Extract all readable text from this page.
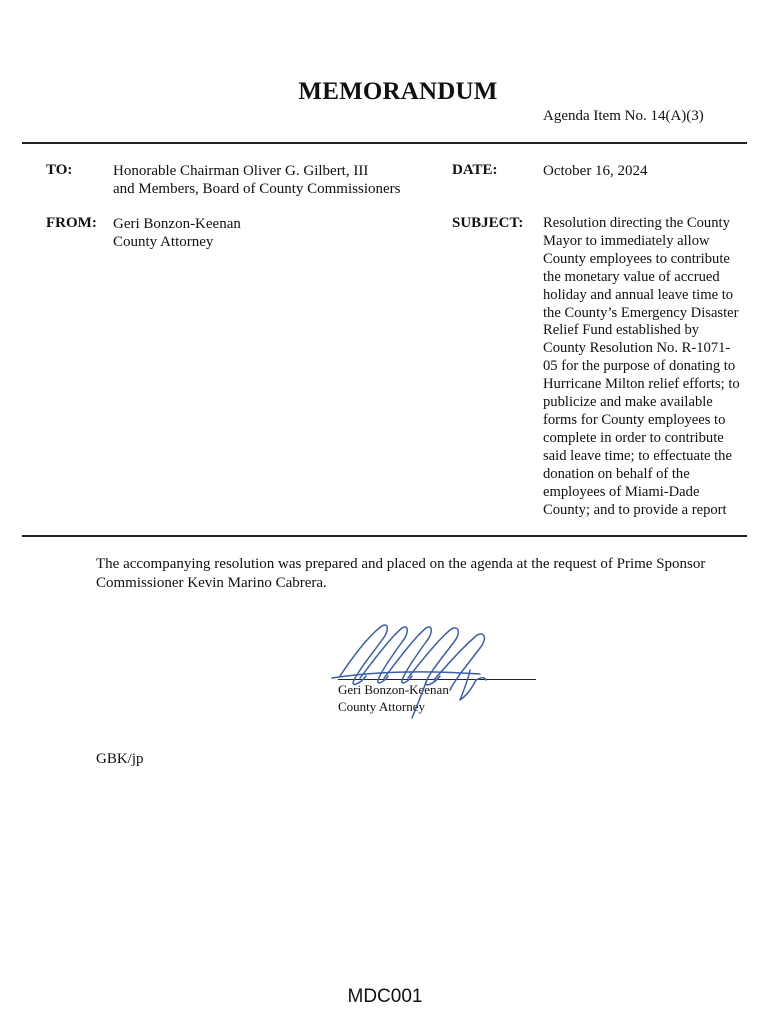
MEMORANDUM
Agenda Item No. 14(A)(3)
TO:	Honorable Chairman Oliver G. Gilbert, III
and Members, Board of County Commissioners
DATE:	October 16, 2024
FROM: Geri Bonzon-Keenan
County Attorney
SUBJECT: Resolution directing the County
Mayor to immediately allow
County employees to contribute
the monetary value of accrued
holiday and annual leave time to
the County’s Emergency Disaster
Relief Fund established by
County Resolution No. R-1071-
05 for the purpose of donating to
Hurricane Milton relief efforts; to
publicize and make available
forms for County employees to
complete in order to contribute
said leave time; to effectuate the
donation on behalf of the
employees of Miami-Dade
County; and to provide a report
The accompanying resolution was prepared and placed on the agenda at the request of Prime Sponsor
Commissioner Kevin Marino Cabrera.
Geri Bonzon-Keenan
County Attorney
GBK/jp
MDC001
